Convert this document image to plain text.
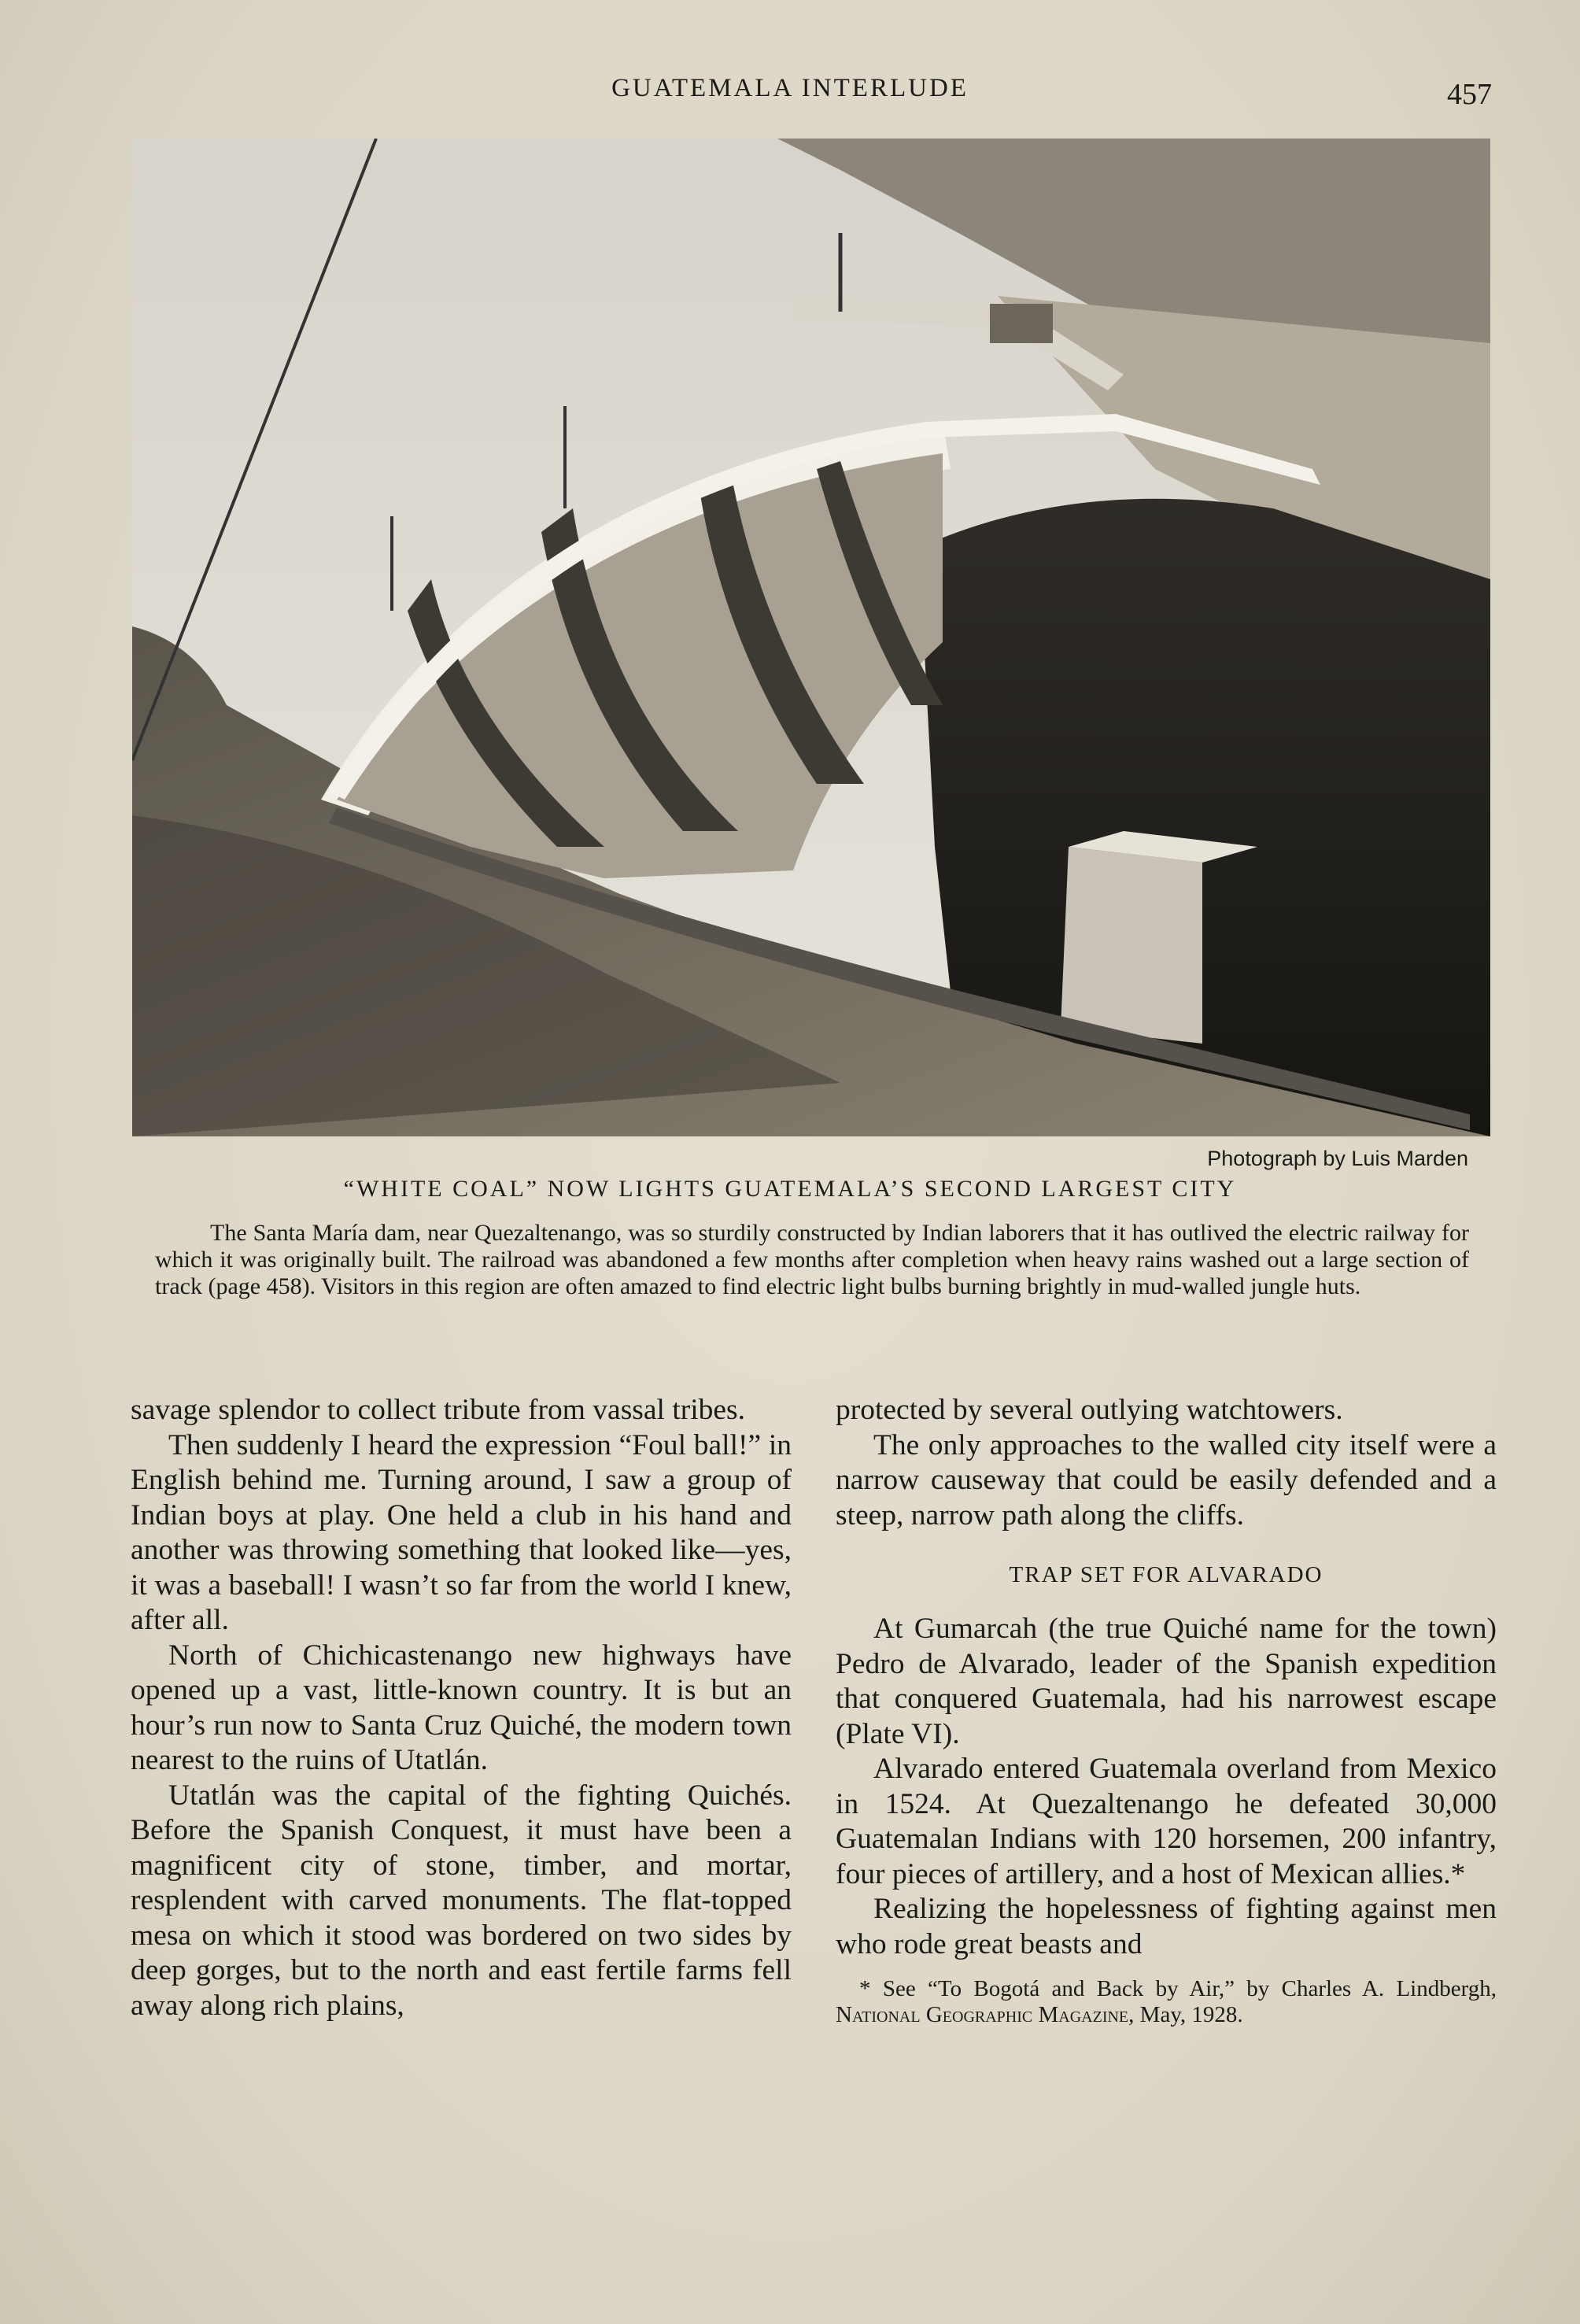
GUATEMALA INTERLUDE	457
Photograph by Luis Marden
“WHITE COAL” NOW LIGHTS GUATEMALA’S SECOND LARGEST CITY
The Santa María dam, near Quezaltenango, was so sturdily constructed by Indian laborers that it has outlived the electric railway for which it was originally built. The railroad was abandoned a few months after completion when heavy rains washed out a large section of track (page 458). Visitors in this region are often amazed to find electric light bulbs burning brightly in mud-walled jungle huts.

savage splendor to collect tribute from vassal tribes.

Then suddenly I heard the expression “Foul ball!” in English behind me. Turning around, I saw a group of Indian boys at play. One held a club in his hand and another was throwing something that looked like—yes, it was a baseball! I wasn’t so far from the world I knew, after all.

North of Chichicastenango new highways have opened up a vast, little-known country. It is but an hour’s run now to Santa Cruz Quiché, the modern town nearest to the ruins of Utatlán.

Utatlán was the capital of the fighting Quichés. Before the Spanish Conquest, it must have been a magnificent city of stone, timber, and mortar, resplendent with carved monuments. The flat-topped mesa on which it stood was bordered on two sides by deep gorges, but to the north and east fertile farms fell away along rich plains,

protected by several outlying watchtowers.

The only approaches to the walled city itself were a narrow causeway that could be easily defended and a steep, narrow path along the cliffs.

TRAP SET FOR ALVARADO

At Gumarcah (the true Quiché name for the town) Pedro de Alvarado, leader of the Spanish expedition that conquered Guatemala, had his narrowest escape (Plate VI).

Alvarado entered Guatemala overland from Mexico in 1524. At Quezaltenango he defeated 30,000 Guatemalan Indians with 120 horsemen, 200 infantry, four pieces of artillery, and a host of Mexican allies.*

Realizing the hopelessness of fighting against men who rode great beasts and

* See “To Bogotá and Back by Air,” by Charles A. Lindbergh, National Geographic Magazine, May, 1928.
